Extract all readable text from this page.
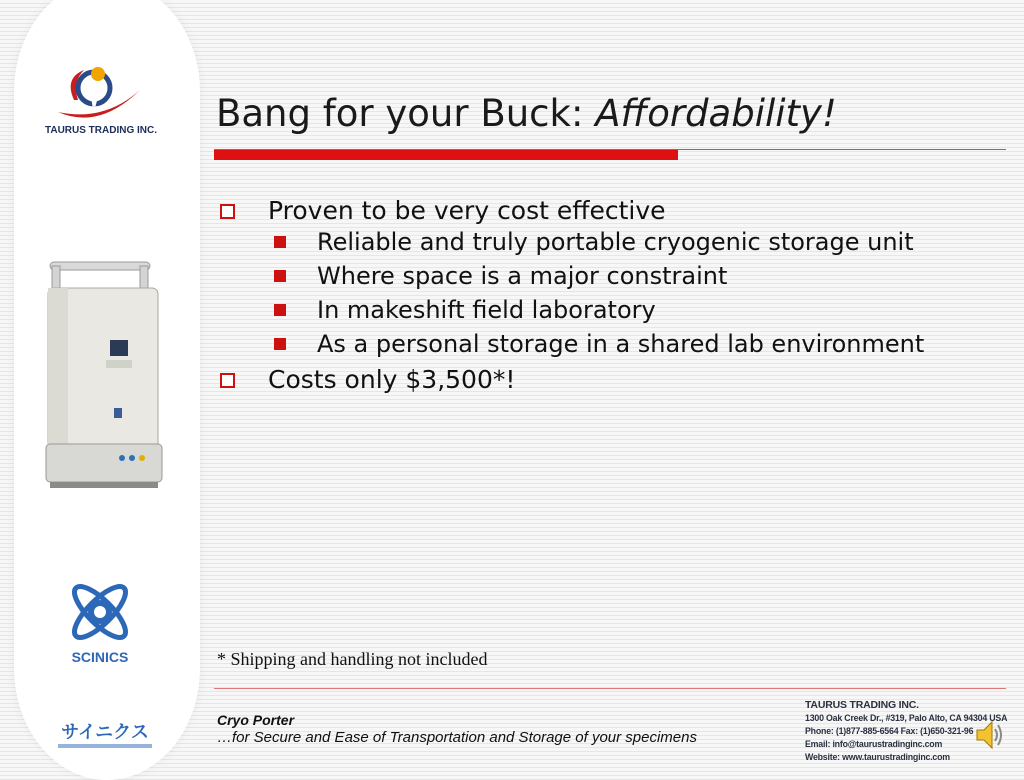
TAURUS TRADING INC.
SCINICS
サイニクス
Bang for your Buck: Affordability!
Proven to be very cost effective
Reliable and truly portable cryogenic storage unit
Where space is a major constraint
In makeshift field laboratory
As a personal storage in a shared lab environment
Costs only $3,500*!

* Shipping and handling not included

Cryo Porter
…for Secure and Ease of Transportation and Storage of your specimens
TAURUS TRADING INC.
1300 Oak Creek Dr., #319, Palo Alto, CA 94304 USA
Phone: (1)877-885-6564 Fax: (1)650-321-96
Email: info@taurustradinginc.com
Website: www.taurustradinginc.com
